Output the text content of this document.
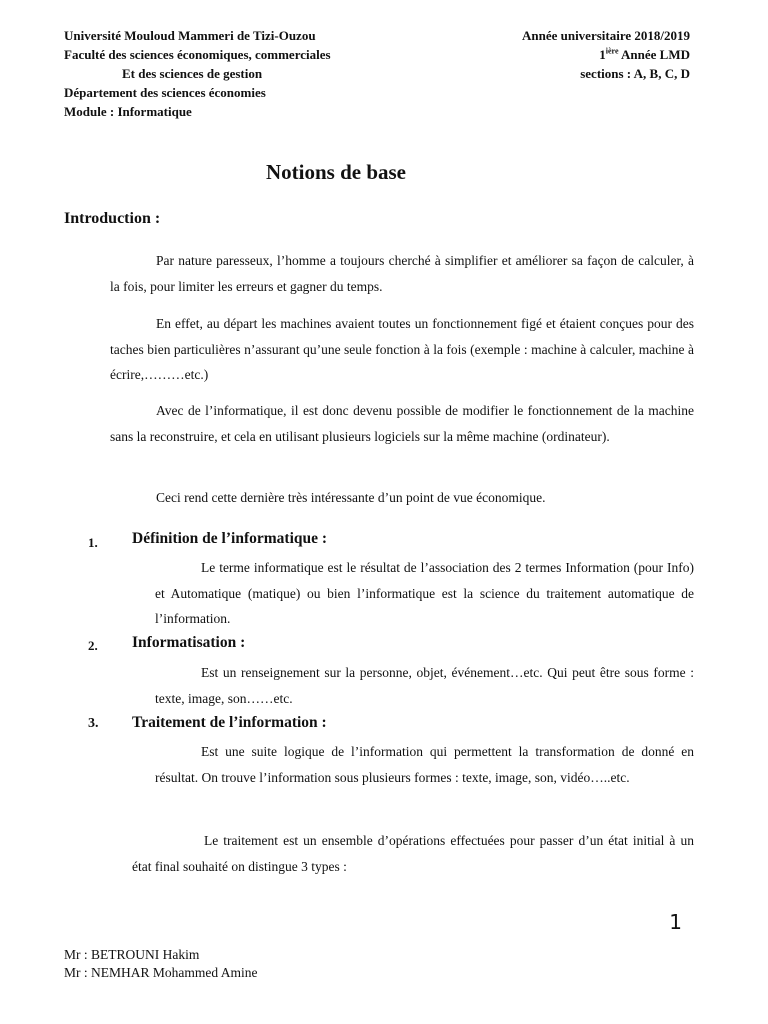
Université Mouloud Mammeri de Tizi-Ouzou
Faculté des sciences économiques, commerciales
Et des sciences de gestion
Département des sciences économies
Module : Informatique
Année universitaire 2018/2019
$1^{ière}$ Année LMD
sections : A, B, C, D
Notions de base
Introduction :
Par nature paresseux, l’homme a toujours cherché à simplifier et améliorer sa façon de calculer, à la fois, pour limiter les erreurs et gagner du temps.
En effet, au départ les machines avaient toutes un fonctionnement figé et étaient conçues pour des taches bien particulières n’assurant qu’une seule fonction à la fois (exemple : machine à calculer, machine à écrire,………etc.)
Avec de l’informatique, il est donc devenu possible de modifier le fonctionnement de la machine sans la reconstruire, et cela en utilisant plusieurs logiciels sur la même machine (ordinateur).
Ceci rend cette dernière très intéressante d’un point de vue économique.
1. Définition de l’informatique :
Le terme informatique est le résultat de l’association des 2 termes Information (pour Info) et Automatique (matique) ou bien l’informatique est la science du traitement automatique de l’information.
2. Informatisation :
Est un renseignement sur la personne, objet, événement…etc. Qui peut être sous forme : texte, image, son……etc.
3. Traitement de l’information :
Est une suite logique de l’information qui permettent la transformation de donné en résultat. On trouve l’information sous plusieurs formes : texte, image, son, vidéo…..etc.
Le traitement est un ensemble d’opérations effectuées pour passer d’un état initial à un état final souhaité on distingue 3 types :
1
Mr : BETROUNI Hakim
Mr : NEMHAR Mohammed Amine
